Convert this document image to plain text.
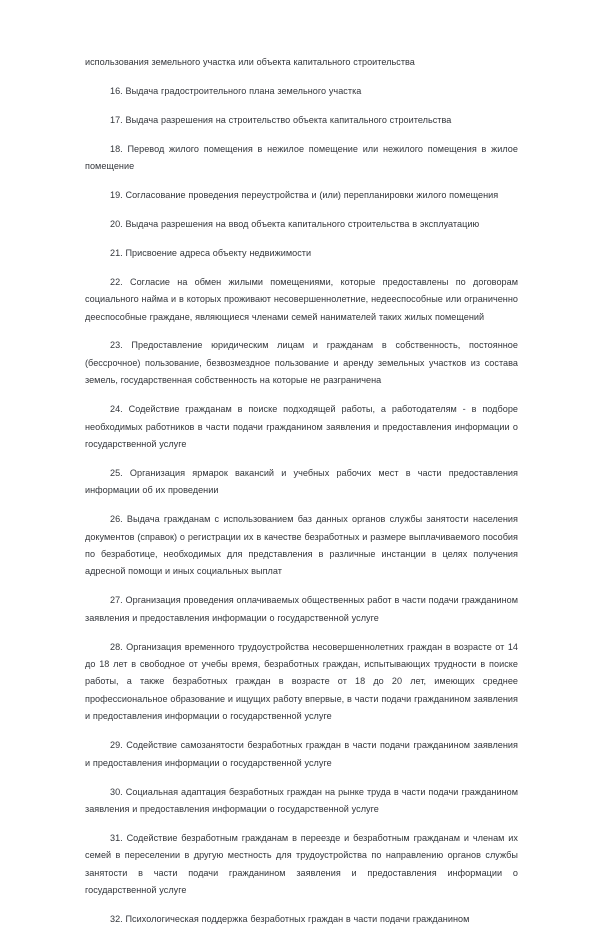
использования земельного участка или объекта капитального строительства

16. Выдача градостроительного плана земельного участка

17. Выдача разрешения на строительство объекта капитального строительства

18. Перевод жилого помещения в нежилое помещение или нежилого помещения в жилое помещение

19. Согласование проведения переустройства и (или) перепланировки жилого помещения

20. Выдача разрешения на ввод объекта капитального строительства в эксплуатацию

21. Присвоение адреса объекту недвижимости

22. Согласие на обмен жилыми помещениями, которые предоставлены по договорам социального найма и в которых проживают несовершеннолетние, недееспособные или ограниченно дееспособные граждане, являющиеся членами семей нанимателей таких жилых помещений

23. Предоставление юридическим лицам и гражданам в собственность, постоянное (бессрочное) пользование, безвозмездное пользование и аренду земельных участков из состава земель, государственная собственность на которые не разграничена

24. Содействие гражданам в поиске подходящей работы, а работодателям - в подборе необходимых работников в части подачи гражданином заявления и предоставления информации о государственной услуге

25. Организация ярмарок вакансий и учебных рабочих мест в части предоставления информации об их проведении

26. Выдача гражданам с использованием баз данных органов службы занятости населения документов (справок) о регистрации их в качестве безработных и размере выплачиваемого пособия по безработице, необходимых для представления в различные инстанции в целях получения адресной помощи и иных социальных выплат

27. Организация проведения оплачиваемых общественных работ в части подачи гражданином заявления и предоставления информации о государственной услуге

28. Организация временного трудоустройства несовершеннолетних граждан в возрасте от 14 до 18 лет в свободное от учебы время, безработных граждан, испытывающих трудности в поиске работы, а также безработных граждан в возрасте от 18 до 20 лет, имеющих среднее профессиональное образование и ищущих работу впервые, в части подачи гражданином заявления и предоставления информации о государственной услуге

29. Содействие самозанятости безработных граждан в части подачи гражданином заявления и предоставления информации о государственной услуге

30. Социальная адаптация безработных граждан на рынке труда в части подачи гражданином заявления и предоставления информации о государственной услуге

31. Содействие безработным гражданам в переезде и безработным гражданам и членам их семей в переселении в другую местность для трудоустройства по направлению органов службы занятости в части подачи гражданином заявления и предоставления информации о государственной услуге

32. Психологическая поддержка безработных граждан в части подачи гражданином
